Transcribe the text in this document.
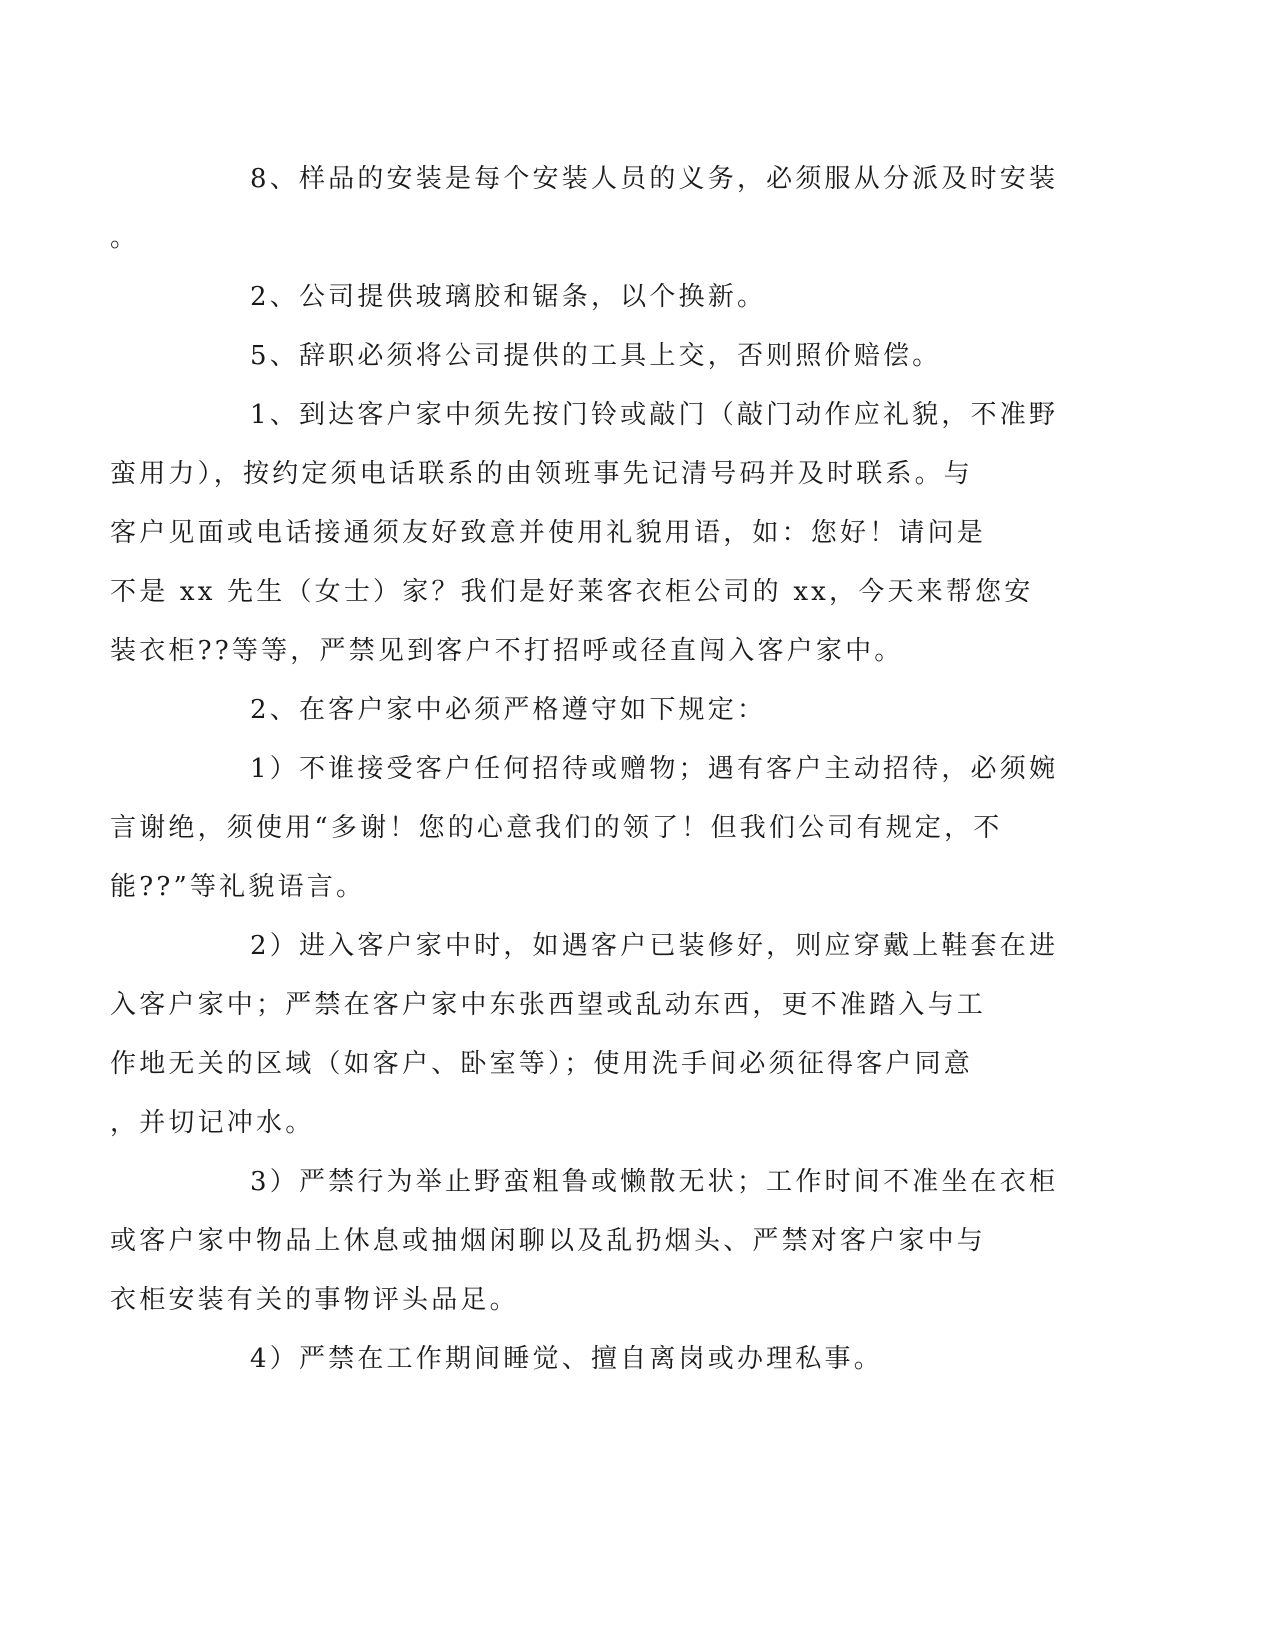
8、样品的安装是每个安装人员的义务，必须服从分派及时安装
。

2、公司提供玻璃胶和锯条，以个换新。

5、辞职必须将公司提供的工具上交，否则照价赔偿。

1、到达客户家中须先按门铃或敲门（敲门动作应礼貌，不准野
蛮用力），按约定须电话联系的由领班事先记清号码并及时联系。与
客户见面或电话接通须友好致意并使用礼貌用语，如：您好！请问是
不是 xx 先生（女士）家？我们是好莱客衣柜公司的 xx，今天来帮您安
装衣柜??等等，严禁见到客户不打招呼或径直闯入客户家中。

2、在客户家中必须严格遵守如下规定：

1）不谁接受客户任何招待或赠物；遇有客户主动招待，必须婉
言谢绝，须使用“多谢！您的心意我们的领了！但我们公司有规定，不
能??”等礼貌语言。

2）进入客户家中时，如遇客户已装修好，则应穿戴上鞋套在进
入客户家中；严禁在客户家中东张西望或乱动东西，更不准踏入与工
作地无关的区域（如客户、卧室等）；使用洗手间必须征得客户同意
，并切记冲水。

3）严禁行为举止野蛮粗鲁或懒散无状；工作时间不准坐在衣柜
或客户家中物品上休息或抽烟闲聊以及乱扔烟头、严禁对客户家中与
衣柜安装有关的事物评头品足。

4）严禁在工作期间睡觉、擅自离岗或办理私事。
